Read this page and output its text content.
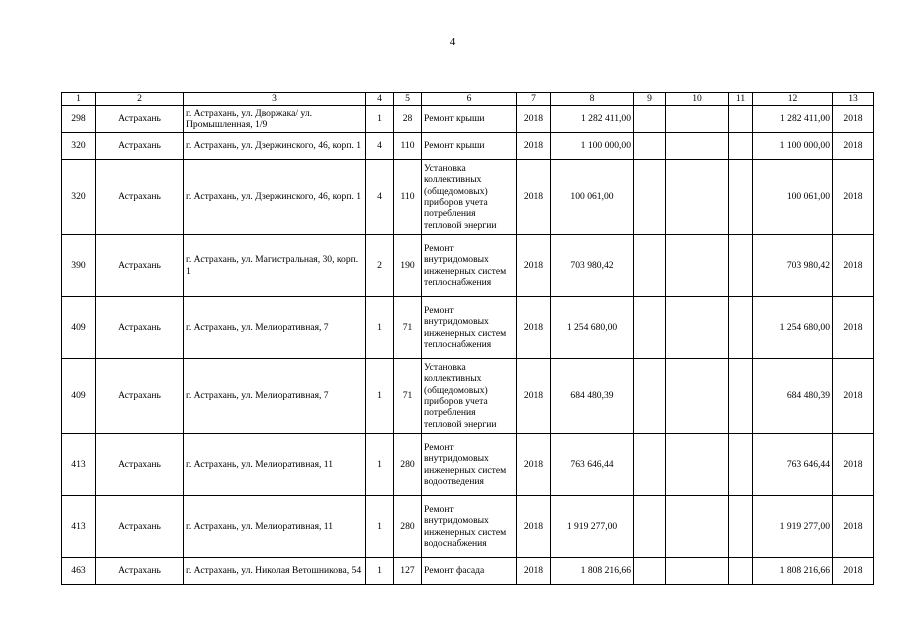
4
1	2	3	4	5	6	7	8	9	10	11	12	13
298	Астрахань	г. Астрахань, ул. Дворжака/ ул. Промышленная, 1/9	1	28	Ремонт крыши	2018	1 282 411,00				1 282 411,00	2018
320	Астрахань	г. Астрахань, ул. Дзержинского, 46, корп. 1	4	110	Ремонт крыши	2018	1 100 000,00				1 100 000,00	2018
320	Астрахань	г. Астрахань, ул. Дзержинского, 46, корп. 1	4	110	Установка коллективных (общедомовых) приборов учета потребления тепловой энергии	2018	100 061,00				100 061,00	2018
390	Астрахань	г. Астрахань, ул. Магистральная, 30, корп. 1	2	190	Ремонт внутридомовых инженерных систем теплоснабжения	2018	703 980,42				703 980,42	2018
409	Астрахань	г. Астрахань, ул. Мелиоративная, 7	1	71	Ремонт внутридомовых инженерных систем теплоснабжения	2018	1 254 680,00				1 254 680,00	2018
409	Астрахань	г. Астрахань, ул. Мелиоративная, 7	1	71	Установка коллективных (общедомовых) приборов учета потребления тепловой энергии	2018	684 480,39				684 480,39	2018
413	Астрахань	г. Астрахань, ул. Мелиоративная, 11	1	280	Ремонт внутридомовых инженерных систем водоотведения	2018	763 646,44				763 646,44	2018
413	Астрахань	г. Астрахань, ул. Мелиоративная, 11	1	280	Ремонт внутридомовых инженерных систем водоснабжения	2018	1 919 277,00				1 919 277,00	2018
463	Астрахань	г. Астрахань, ул. Николая Ветошникова, 54	1	127	Ремонт фасада	2018	1 808 216,66				1 808 216,66	2018
